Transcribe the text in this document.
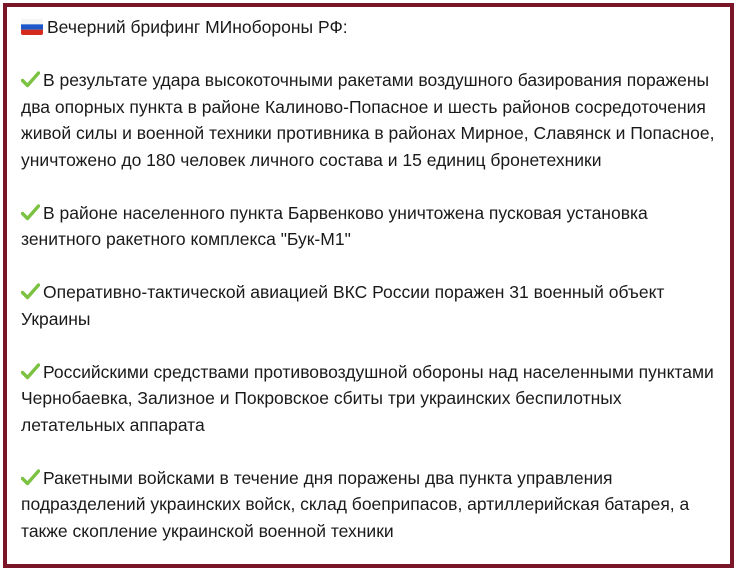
Вечерний брифинг МИнобороны РФ:
В результате удара высокоточными ракетами воздушного базирования поражены два опорных пункта в районе Калиново-Попасное и шесть районов сосредоточения живой силы и военной техники противника в районах Мирное, Славянск и Попасное, уничтожено до 180 человек личного состава и 15 единиц бронетехники
В районе населенного пункта Барвенково уничтожена пусковая установка зенитного ракетного комплекса "Бук-М1"
Оперативно-тактической авиацией ВКС России поражен 31 военный объект Украины
Российскими средствами противовоздушной обороны над населенными пунктами Чернобаевка, Зализное и Покровское сбиты три украинских беспилотных летательных аппарата
Ракетными войсками в течение дня поражены два пункта управления подразделений украинских войск, склад боеприпасов, артиллерийская батарея, а также скопление украинской военной техники
